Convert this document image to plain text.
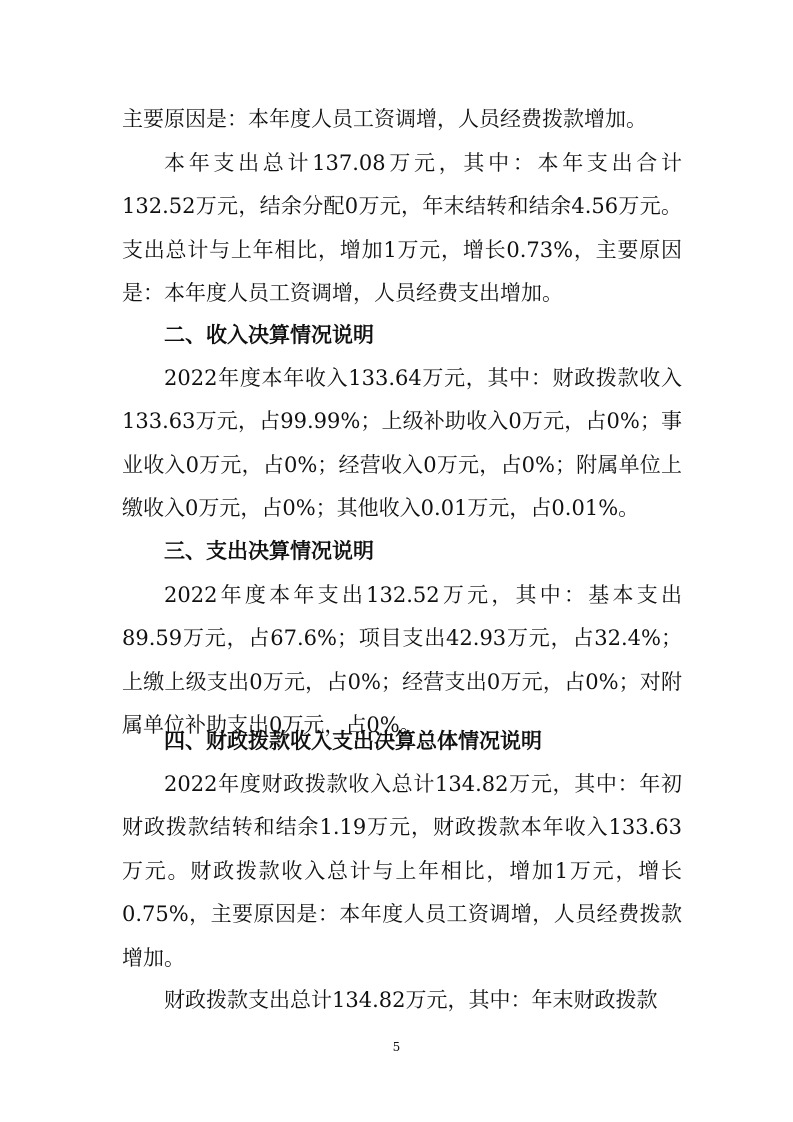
主要原因是：本年度人员工资调增，人员经费拨款增加。

本年支出总计137.08万元，其中：本年支出合计132.52万元，结余分配0万元，年末结转和结余4.56万元。支出总计与上年相比，增加1万元，增长0.73%，主要原因是：本年度人员工资调增，人员经费支出增加。

二、收入决算情况说明

2022年度本年收入133.64万元，其中：财政拨款收入133.63万元，占99.99%；上级补助收入0万元，占0%；事业收入0万元，占0%；经营收入0万元，占0%；附属单位上缴收入0万元，占0%；其他收入0.01万元，占0.01%。

三、支出决算情况说明

2022年度本年支出132.52万元，其中：基本支出89.59万元，占67.6%；项目支出42.93万元，占32.4%；上缴上级支出0万元，占0%；经营支出0万元，占0%；对附属单位补助支出0万元，占0%。

四、财政拨款收入支出决算总体情况说明

2022年度财政拨款收入总计134.82万元，其中：年初财政拨款结转和结余1.19万元，财政拨款本年收入133.63万元。财政拨款收入总计与上年相比，增加1万元，增长0.75%，主要原因是：本年度人员工资调增，人员经费拨款增加。

财政拨款支出总计134.82万元，其中：年末财政拨款

5
